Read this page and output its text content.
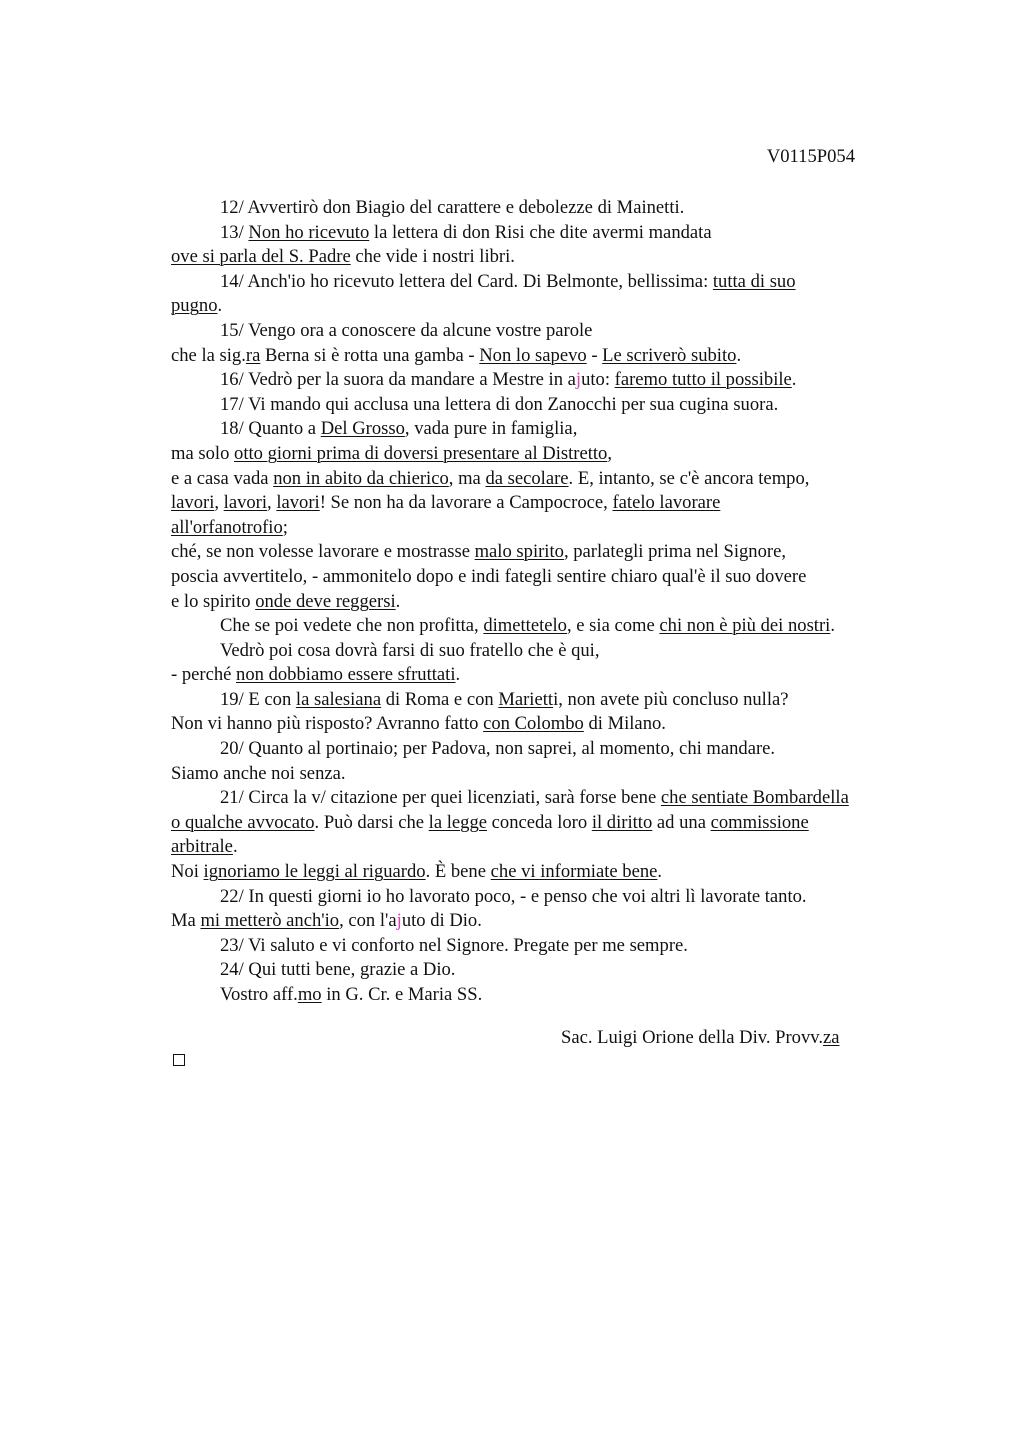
V0115P054
12/ Avvertirò don Biagio del carattere e debolezze di Mainetti.
13/ Non ho ricevuto la lettera di don Risi che dite avermi mandata
ove si parla del S. Padre che vide i nostri libri.
14/ Anch'io ho ricevuto lettera del Card. Di Belmonte, bellissima: tutta di suo
pugno.
15/ Vengo ora a conoscere da alcune vostre parole
che la sig.ra Berna si è rotta una gamba - Non lo sapevo - Le scriverò subito.
16/ Vedrò per la suora da mandare a Mestre in ajuto: faremo tutto il possibile.
17/ Vi mando qui acclusa una lettera di don Zanocchi per sua cugina suora.
18/ Quanto a Del Grosso, vada pure in famiglia,
ma solo otto giorni prima di doversi presentare al Distretto,
e a casa vada non in abito da chierico, ma da secolare. E, intanto, se c'è ancora tempo,
lavori, lavori, lavori! Se non ha da lavorare a Campocroce, fatelo lavorare
all'orfanotrofio;
ché, se non volesse lavorare e mostrasse malo spirito, parlategli prima nel Signore,
poscia avvertitelo, - ammonitelo dopo e indi fategli sentire chiaro qual'è il suo dovere
e lo spirito onde deve reggersi.
Che se poi vedete che non profitta, dimettetelo, e sia come chi non è più dei nostri.
Vedrò poi cosa dovrà farsi di suo fratello che è qui,
- perché non dobbiamo essere sfruttati.
19/ E con la salesiana di Roma e con Marietti, non avete più concluso nulla?
Non vi hanno più risposto? Avranno fatto con Colombo di Milano.
20/ Quanto al portinaio; per Padova, non saprei, al momento, chi mandare.
Siamo anche noi senza.
21/ Circa la v/ citazione per quei licenziati, sarà forse bene che sentiate Bombardella
o qualche avvocato. Può darsi che la legge conceda loro il diritto ad una commissione
arbitrale.
Noi ignoriamo le leggi al riguardo. È bene che vi informiate bene.
22/ In questi giorni io ho lavorato poco, - e penso che voi altri lì lavorate tanto.
Ma mi metterò anch'io, con l'ajuto di Dio.
23/ Vi saluto e vi conforto nel Signore. Pregate per me sempre.
24/ Qui tutti bene, grazie a Dio.
Vostro aff.mo in G. Cr. e Maria SS.
Sac. Luigi Orione della Div. Provv.za
